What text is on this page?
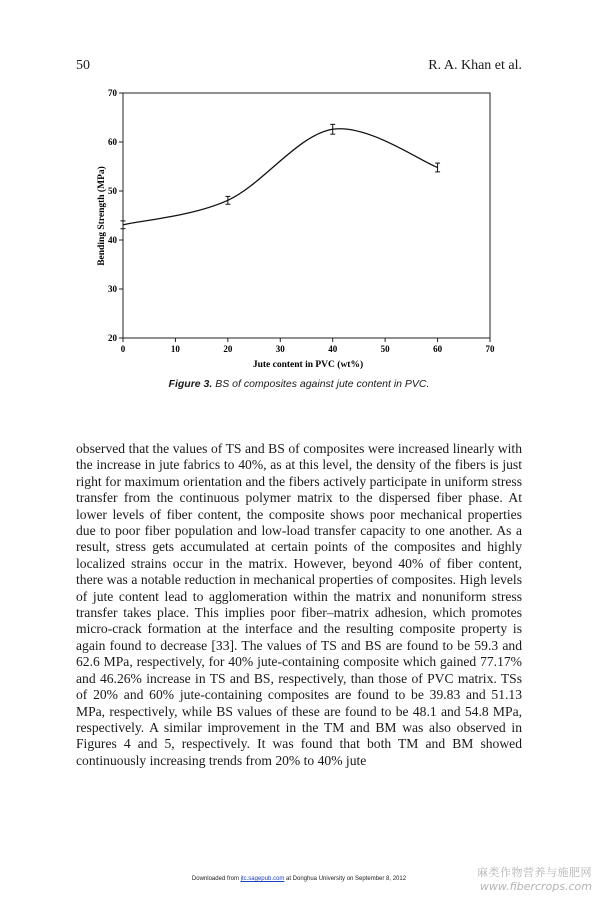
50	R. A. Khan et al.
0	10	20	30	40	50	60	70
20
30
40
50
60
70
Jute content in PVC (wt%)
Bending Strength (MPa)
Figure 3. BS of composites against jute content in PVC.

observed that the values of TS and BS of composites were increased linearly with the increase in jute fabrics to 40%, as at this level, the density of the fibers is just right for maximum orientation and the fibers actively participate in uniform stress transfer from the continuous polymer matrix to the dispersed fiber phase. At lower levels of fiber content, the composite shows poor mechanical properties due to poor fiber population and low-load transfer capacity to one another. As a result, stress gets accumulated at certain points of the composites and highly localized strains occur in the matrix. However, beyond 40% of fiber content, there was a notable reduction in mechanical properties of composites. High levels of jute content lead to agglomeration within the matrix and nonuniform stress transfer takes place. This implies poor fiber–matrix adhesion, which promotes micro-crack formation at the interface and the resulting composite property is again found to decrease [33]. The values of TS and BS are found to be 59.3 and 62.6 MPa, respectively, for 40% jute-containing composite which gained 77.17% and 46.26% increase in TS and BS, respectively, than those of PVC matrix. TSs of 20% and 60% jute-containing composites are found to be 39.83 and 51.13 MPa, respectively, while BS values of these are found to be 48.1 and 54.8 MPa, respectively. A similar improvement in the TM and BM was also observed in Figures 4 and 5, respectively. It was found that both TM and BM showed continuously increasing trends from 20% to 40% jute

Downloaded from jtc.sagepub.com at Donghua University on September 8, 2012	麻类作物营养与施肥网
www.fibercrops.com
